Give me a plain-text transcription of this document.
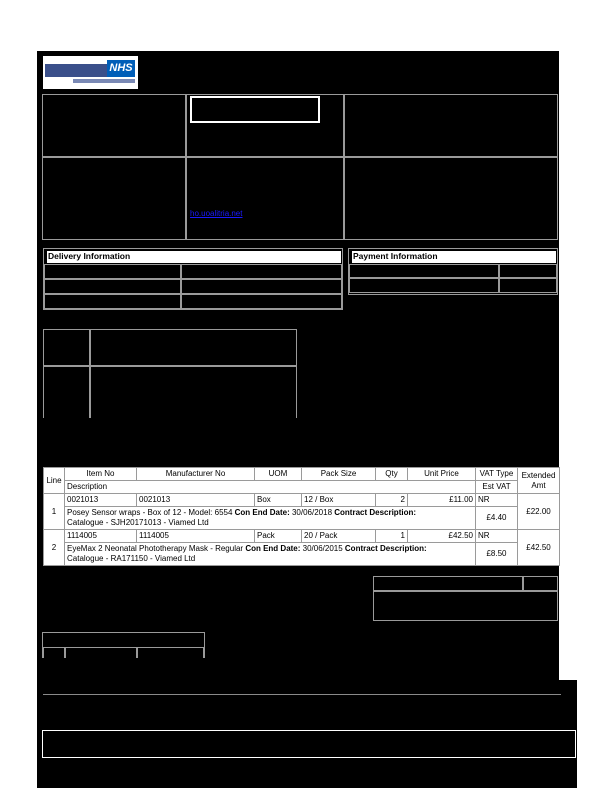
NHS
ho.uoalitria.net
Delivery Information	Payment Information
Line	Item No	Manufacturer No	UOM	Pack Size	Qty	Unit Price	VAT Type	Extended Amt
	Description						Est VAT	
1	0021013	0021013	Box	12 / Box	2	£11.00	NR	£22.00
	Posey Sensor wraps - Box of 12 - Model: 6554 Con End Date: 30/06/2018 Contract Description:
Catalogue - SJH20171013 - Viamed Ltd						£4.40	
2	1114005	1114005	Pack	20 / Pack	1	£42.50	NR	£42.50
	EyeMax 2 Neonatal Phototherapy Mask - Regular Con End Date: 30/06/2015 Contract Description:
Catalogue - RA171150 - Viamed Ltd						£8.50	
